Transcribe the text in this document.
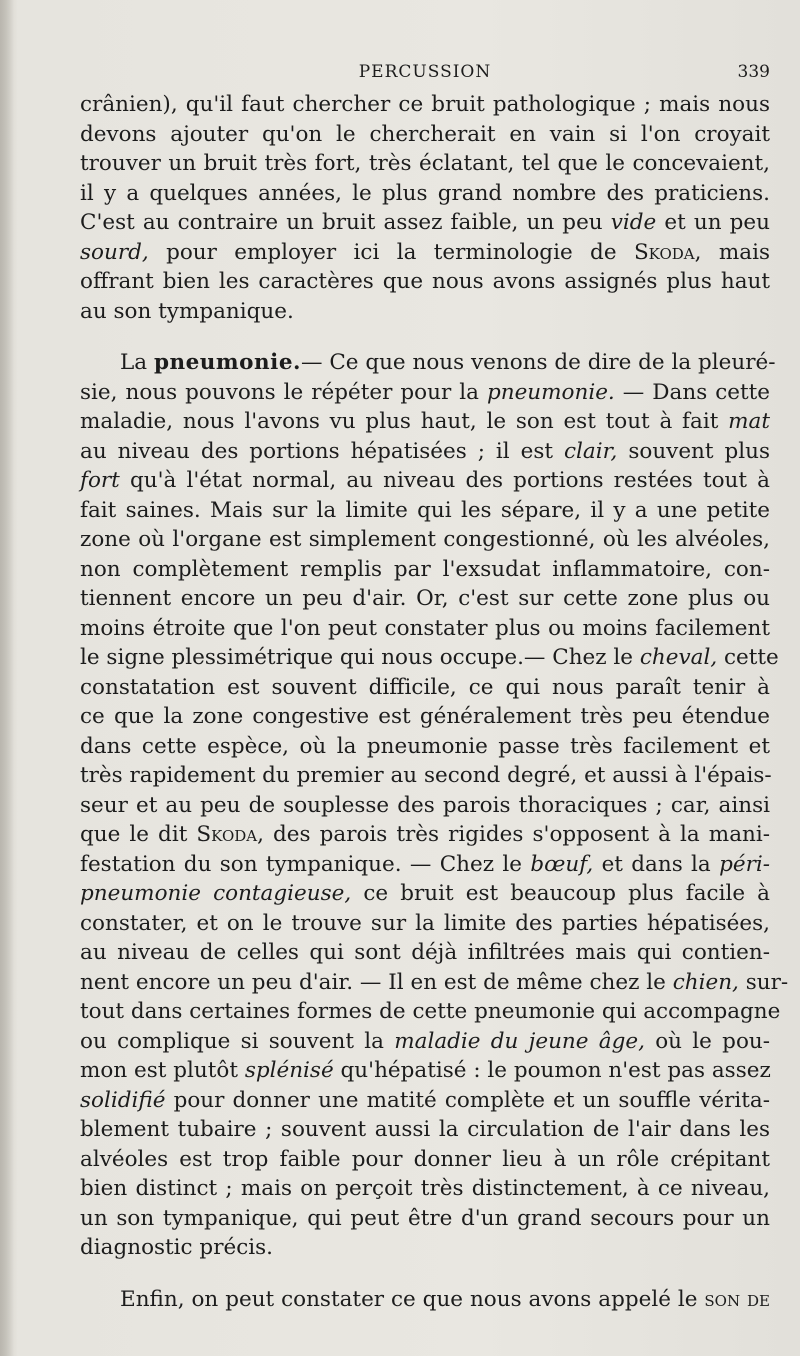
PERCUSSION	339
crânien), qu'il faut chercher ce bruit pathologique ; mais nous
devons ajouter qu'on le chercherait en vain si l'on croyait
trouver un bruit très fort, très éclatant, tel que le concevaient,
il y a quelques années, le plus grand nombre des praticiens.
C'est au contraire un bruit assez faible, un peu vide et un peu
sourd, pour employer ici la terminologie de Skoda, mais
offrant bien les caractères que nous avons assignés plus haut
au son tympanique.
La pneumonie.— Ce que nous venons de dire de la pleuré-
sie, nous pouvons le répéter pour la pneumonie. — Dans cette
maladie, nous l'avons vu plus haut, le son est tout à fait mat
au niveau des portions hépatisées ; il est clair, souvent plus
fort qu'à l'état normal, au niveau des portions restées tout à
fait saines. Mais sur la limite qui les sépare, il y a une petite
zone où l'organe est simplement congestionné, où les alvéoles,
non complètement remplis par l'exsudat inflammatoire, con-
tiennent encore un peu d'air. Or, c'est sur cette zone plus ou
moins étroite que l'on peut constater plus ou moins facilement
le signe plessimétrique qui nous occupe.— Chez le cheval, cette
constatation est souvent difficile, ce qui nous paraît tenir à
ce que la zone congestive est généralement très peu étendue
dans cette espèce, où la pneumonie passe très facilement et
très rapidement du premier au second degré, et aussi à l'épais-
seur et au peu de souplesse des parois thoraciques ; car, ainsi
que le dit Skoda, des parois très rigides s'opposent à la mani-
festation du son tympanique. — Chez le bœuf, et dans la péri-
pneumonie contagieuse, ce bruit est beaucoup plus facile à
constater, et on le trouve sur la limite des parties hépatisées,
au niveau de celles qui sont déjà infiltrées mais qui contien-
nent encore un peu d'air. — Il en est de même chez le chien, sur-
tout dans certaines formes de cette pneumonie qui accompagne
ou complique si souvent la maladie du jeune âge, où le pou-
mon est plutôt splénisé qu'hépatisé : le poumon n'est pas assez
solidifié pour donner une matité complète et un souffle vérita-
blement tubaire ; souvent aussi la circulation de l'air dans les
alvéoles est trop faible pour donner lieu à un rôle crépitant
bien distinct ; mais on perçoit très distinctement, à ce niveau,
un son tympanique, qui peut être d'un grand secours pour un
diagnostic précis.
Enfin, on peut constater ce que nous avons appelé le son de
